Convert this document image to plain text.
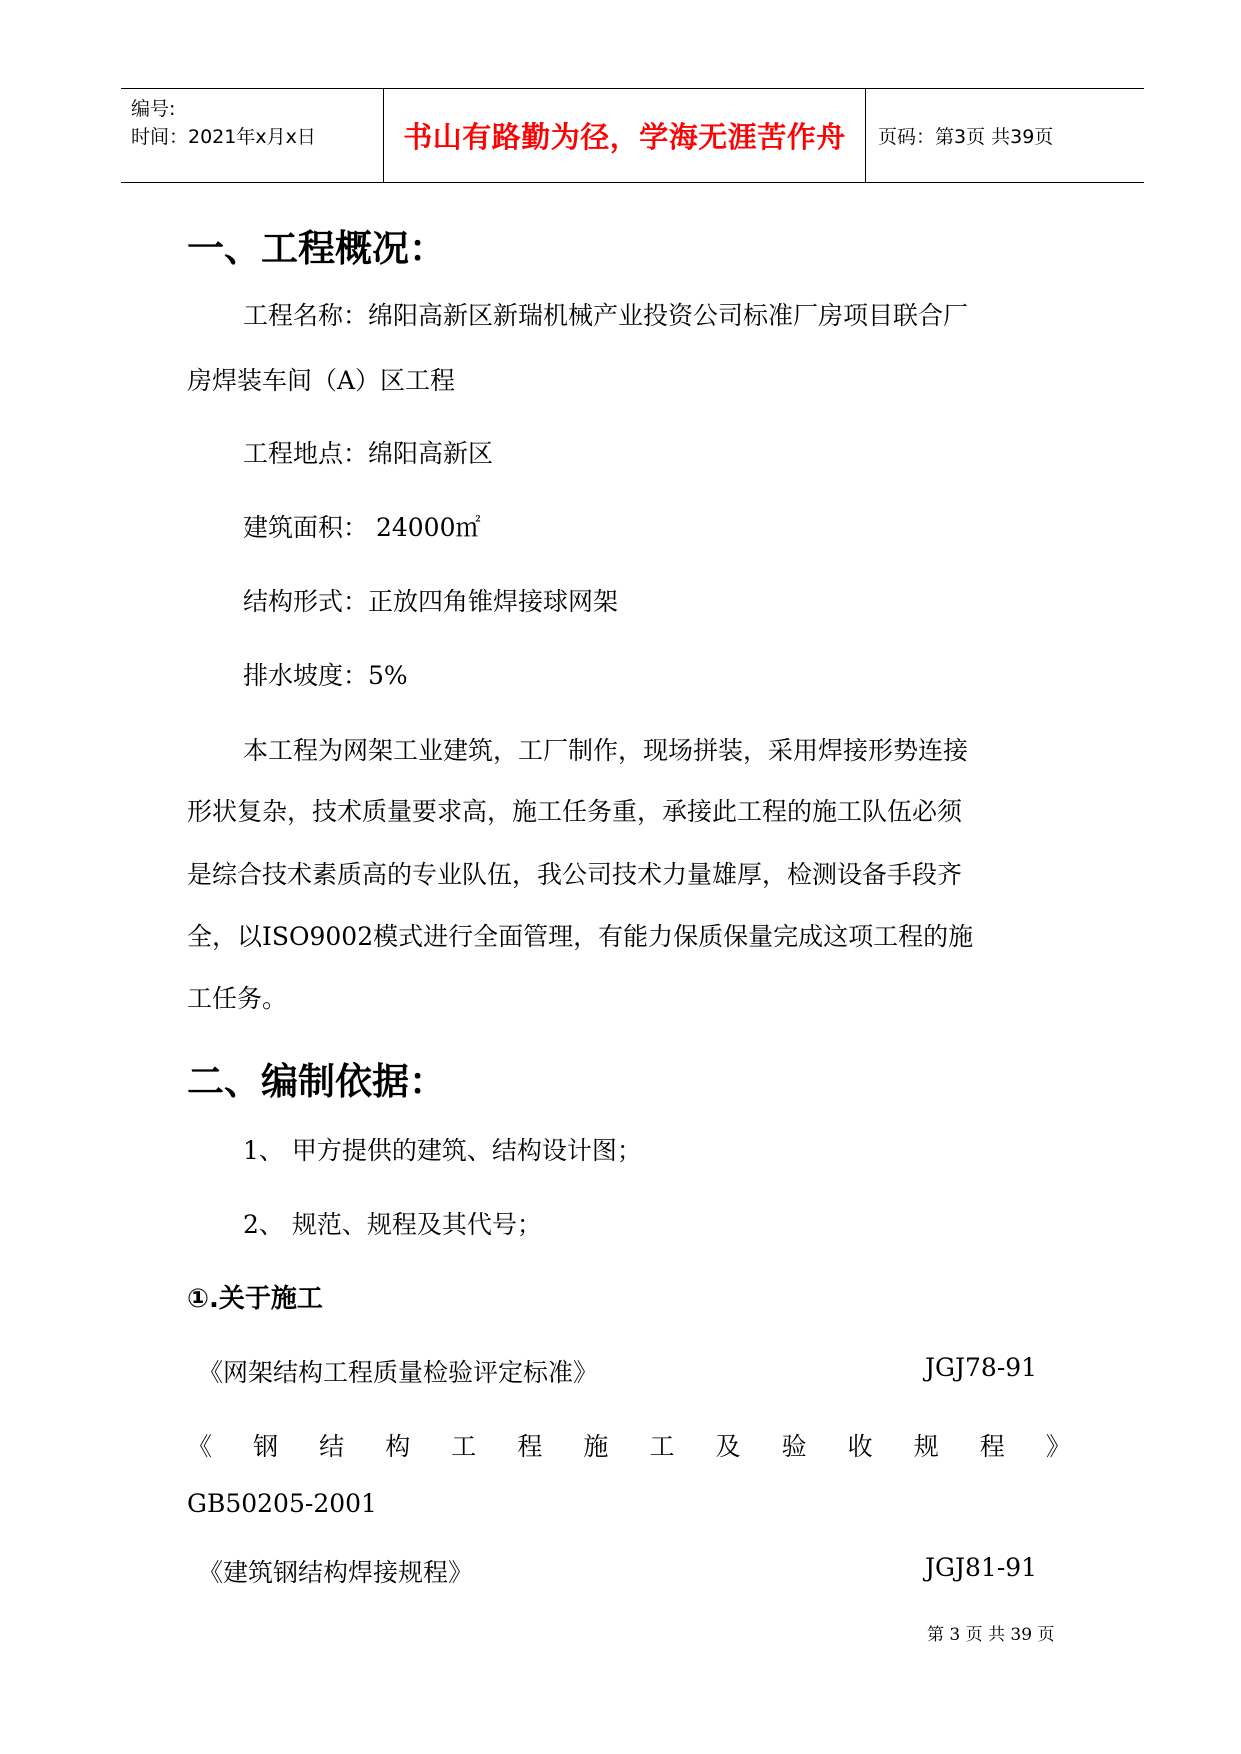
编号:
时间：2021年x月x日	书山有路勤为径，学海无涯苦作舟	页码：第3页 共39页
一、工程概况：
工程名称：绵阳高新区新瑞机械产业投资公司标准厂房项目联合厂
房焊装车间（A）区工程
工程地点：绵阳高新区
建筑面积： 24000㎡
结构形式：正放四角锥焊接球网架
排水坡度：5%
本工程为网架工业建筑，工厂制作，现场拼装，采用焊接形势连接
形状复杂，技术质量要求高，施工任务重，承接此工程的施工队伍必须
是综合技术素质高的专业队伍，我公司技术力量雄厚，检测设备手段齐
全，以ISO9002模式进行全面管理，有能力保质保量完成这项工程的施
工任务。
二、编制依据：
1、 甲方提供的建筑、结构设计图；
2、 规范、规程及其代号；
①.关于施工
《网架结构工程质量检验评定标准》	JGJ78-91
《 钢 结 构 工 程 施 工 及 验 收 规 程 》
GB50205-2001
《建筑钢结构焊接规程》	JGJ81-91
第 3 页 共 39 页
